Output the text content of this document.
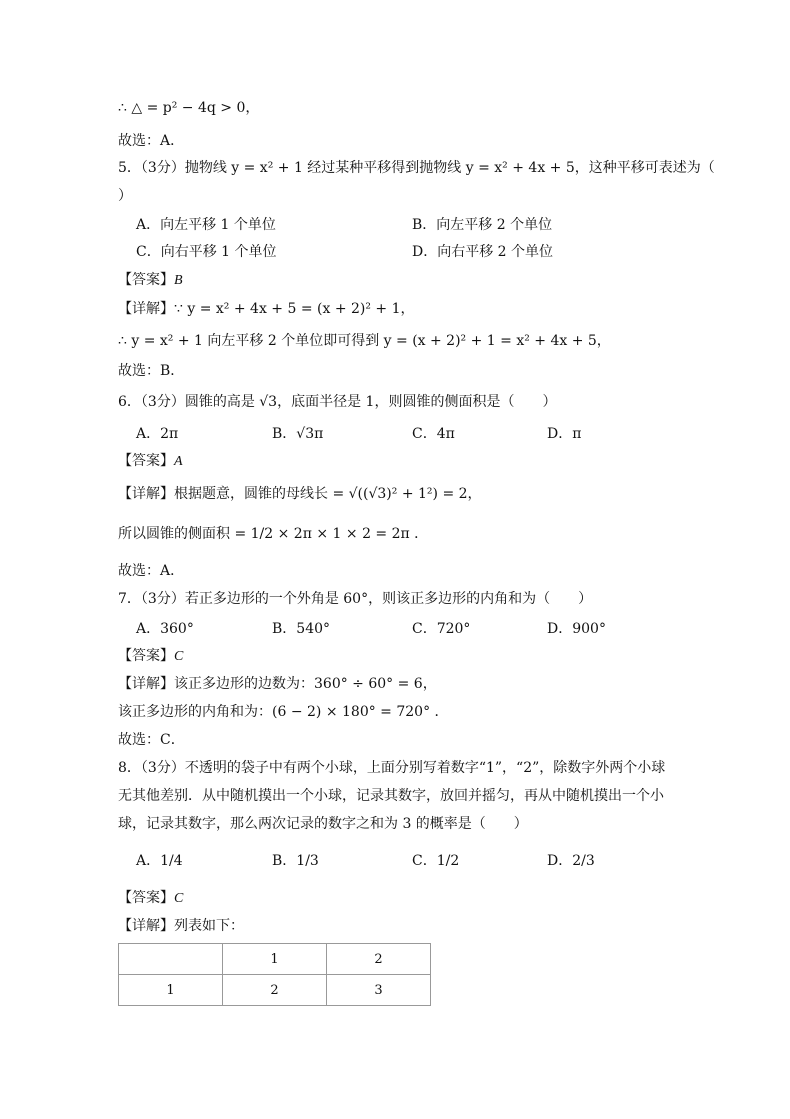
∴ △ = p² − 4q > 0，
故选：A．
5．（3分）抛物线 y = x² + 1 经过某种平移得到抛物线 y = x² + 4x + 5，这种平移可表述为（
）
A．向左平移 1 个单位	B．向左平移 2 个单位
C．向右平移 1 个单位	D．向右平移 2 个单位
【答案】B
【详解】∵ y = x² + 4x + 5 = (x + 2)² + 1，
∴ y = x² + 1 向左平移 2 个单位即可得到 y = (x + 2)² + 1 = x² + 4x + 5，
故选：B．
6．（3分）圆锥的高是 √3，底面半径是 1，则圆锥的侧面积是（　　）
A．2π	B．√3π	C．4π	D．π
【答案】A
【详解】根据题意，圆锥的母线长 = √((√3)² + 1²) = 2，
所以圆锥的侧面积 = 1/2 × 2π × 1 × 2 = 2π ．
故选：A．
7．（3分）若正多边形的一个外角是 60°，则该正多边形的内角和为（　　）
A．360°	B．540°	C．720°	D．900°
【答案】C
【详解】该正多边形的边数为：360° ÷ 60° = 6，
该正多边形的内角和为：(6 − 2) × 180° = 720° ．
故选：C．
8．（3分）不透明的袋子中有两个小球，上面分别写着数字“1”，“2”，除数字外两个小球
无其他差别．从中随机摸出一个小球，记录其数字，放回并摇匀，再从中随机摸出一个小
球，记录其数字，那么两次记录的数字之和为 3 的概率是（　　）
A．1/4	B．1/3	C．1/2	D．2/3
【答案】C
【详解】列表如下：
	1	2
1	2	3
